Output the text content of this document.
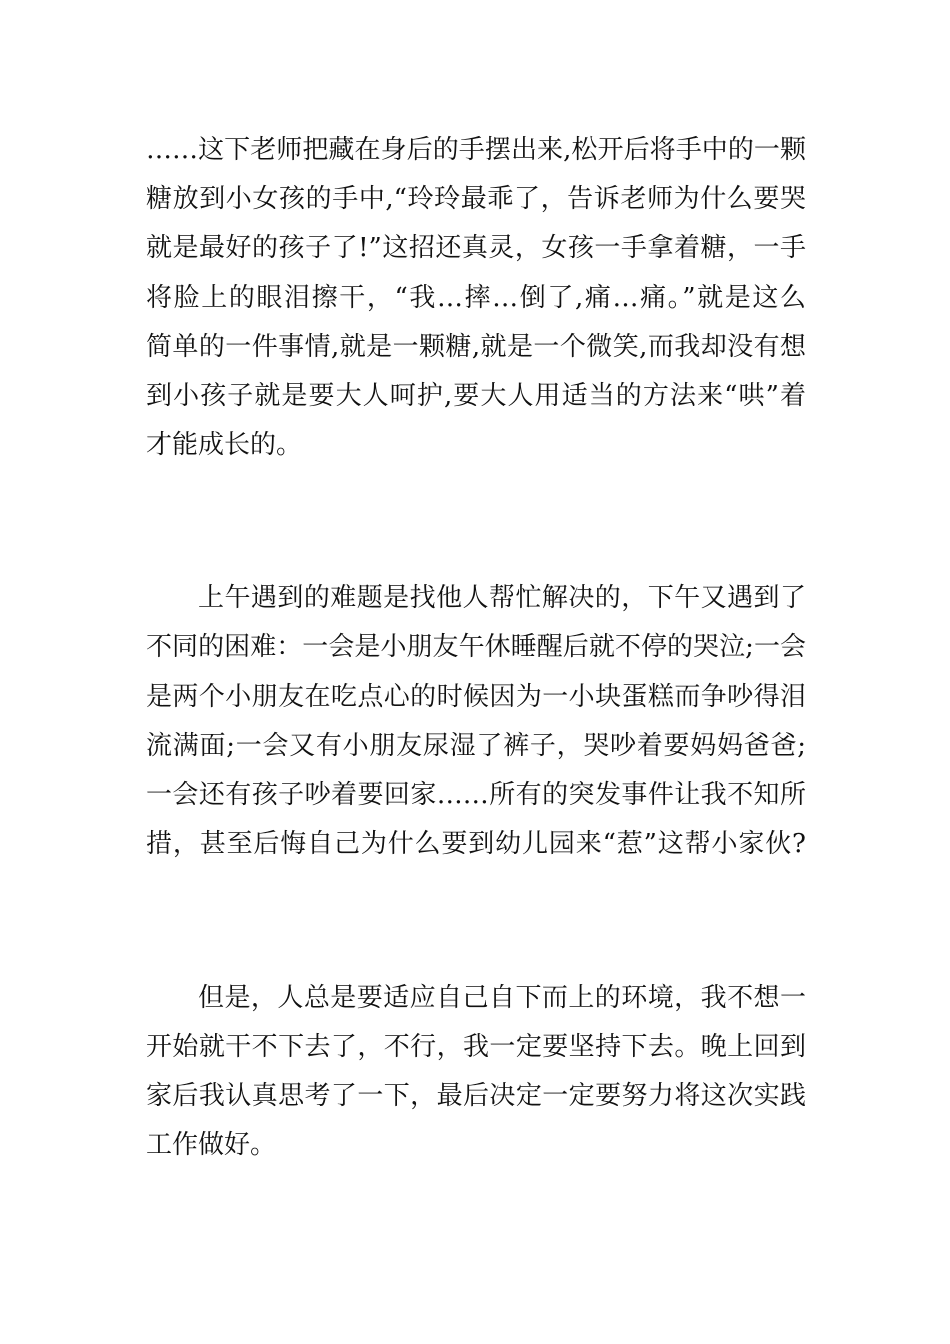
……这下老师把藏在身后的手摆出来,松开后将手中的一颗

糖放到小女孩的手中,“玲玲最乖了，告诉老师为什么要哭

就是最好的孩子了!”这招还真灵，女孩一手拿着糖，一手

将脸上的眼泪擦干，“我…摔…倒了,痛…痛。”就是这么

简单的一件事情,就是一颗糖,就是一个微笑,而我却没有想

到小孩子就是要大人呵护,要大人用适当的方法来“哄”着

才能成长的。

上午遇到的难题是找他人帮忙解决的，下午又遇到了

不同的困难：一会是小朋友午休睡醒后就不停的哭泣;一会

是两个小朋友在吃点心的时候因为一小块蛋糕而争吵得泪

流满面;一会又有小朋友尿湿了裤子，哭吵着要妈妈爸爸;

一会还有孩子吵着要回家……所有的突发事件让我不知所

措，甚至后悔自己为什么要到幼儿园来“惹”这帮小家伙?

但是，人总是要适应自己自下而上的环境，我不想一

开始就干不下去了，不行，我一定要坚持下去。晚上回到

家后我认真思考了一下，最后决定一定要努力将这次实践

工作做好。
